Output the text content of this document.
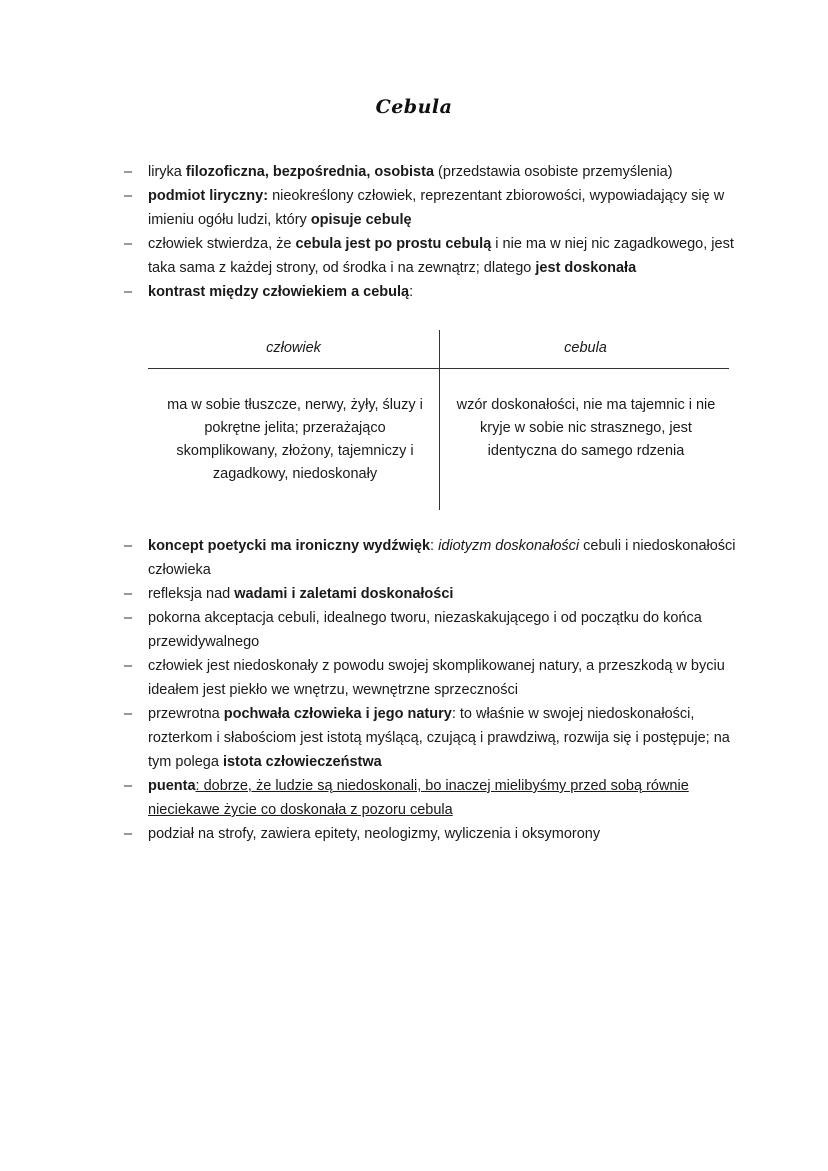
Cebula
– liryka filozoficzna, bezpośrednia, osobista (przedstawia osobiste przemyślenia)
– podmiot liryczny: nieokreślony człowiek, reprezentant zbiorowości, wypowiadający się w imieniu ogółu ludzi, który opisuje cebulę
– człowiek stwierdza, że cebula jest po prostu cebulą i nie ma w niej nic zagadkowego, jest taka sama z każdej strony, od środka i na zewnątrz; dlatego jest doskonała
– kontrast między człowiekiem a cebulą:
człowiek	cebula
ma w sobie tłuszcze, nerwy, żyły, śluzy i pokrętne jelita; przerażająco skomplikowany, złożony, tajemniczy i zagadkowy, niedoskonały
wzór doskonałości, nie ma tajemnic i nie kryje w sobie nic strasznego, jest identyczna do samego rdzenia
– koncept poetycki ma ironiczny wydźwięk: idiotyzm doskonałości cebuli i niedoskonałości człowieka
– refleksja nad wadami i zaletami doskonałości
– pokorna akceptacja cebuli, idealnego tworu, niezaskakującego i od początku do końca przewidywalnego
– człowiek jest niedoskonały z powodu swojej skomplikowanej natury, a przeszkodą w byciu ideałem jest piekło we wnętrzu, wewnętrzne sprzeczności
– przewrotna pochwała człowieka i jego natury: to właśnie w swojej niedoskonałości, rozterkom i słabościom jest istotą myślącą, czującą i prawdziwą, rozwija się i postępuje; na tym polega istota człowieczeństwa
– puenta: dobrze, że ludzie są niedoskonali, bo inaczej mielibyśmy przed sobą równie nieciekawe życie co doskonała z pozoru cebula
– podział na strofy, zawiera epitety, neologizmy, wyliczenia i oksymorony
